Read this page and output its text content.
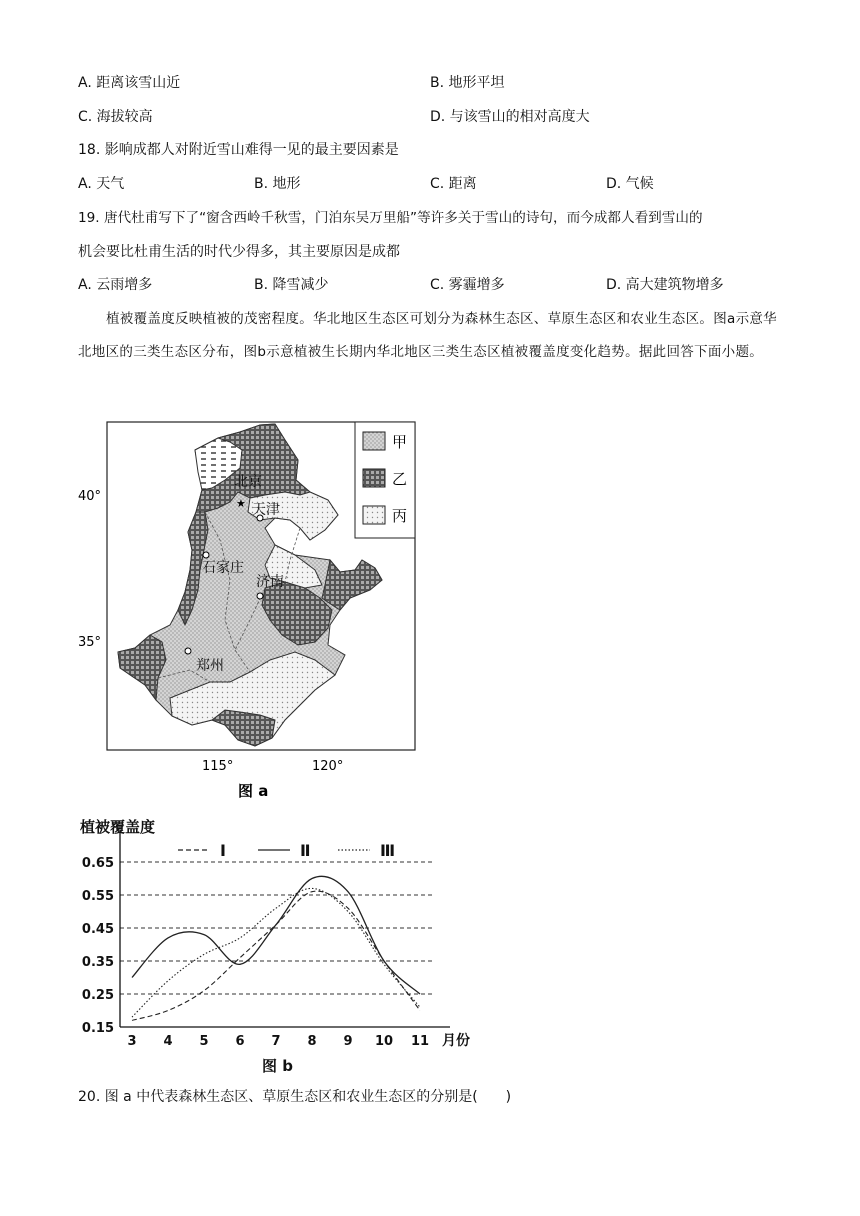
A. 距离该雪山近	B. 地形平坦
C. 海拔较高	D. 与该雪山的相对高度大
18. 影响成都人对附近雪山难得一见的最主要因素是
A. 天气	B. 地形	C. 距离	D. 气候
19. 唐代杜甫写下了“窗含西岭千秋雪，门泊东吴万里船”等许多关于雪山的诗句，而今成都人看到雪山的
机会要比杜甫生活的时代少得多，其主要原因是成都
A. 云雨增多	B. 降雪减少	C. 雾霾增多	D. 高大建筑物增多
植被覆盖度反映植被的茂密程度。华北地区生态区可划分为森林生态区、草原生态区和农业生态区。图a示意华北地区的三类生态区分布，图b示意植被生长期内华北地区三类生态区植被覆盖度变化趋势。据此回答下面小题。
北京
★ 天津
石家庄
济南
郑州
甲
乙
丙
40°
35°
115°	120°
图 a
植被覆盖度
0.15
0.25
0.35
0.45
0.55
0.65
3 4 5 6 7 8 9 10 11 月份
图 b
Ⅰ	Ⅱ	Ⅲ
20. 图 a 中代表森林生态区、草原生态区和农业生态区的分别是(　　)
